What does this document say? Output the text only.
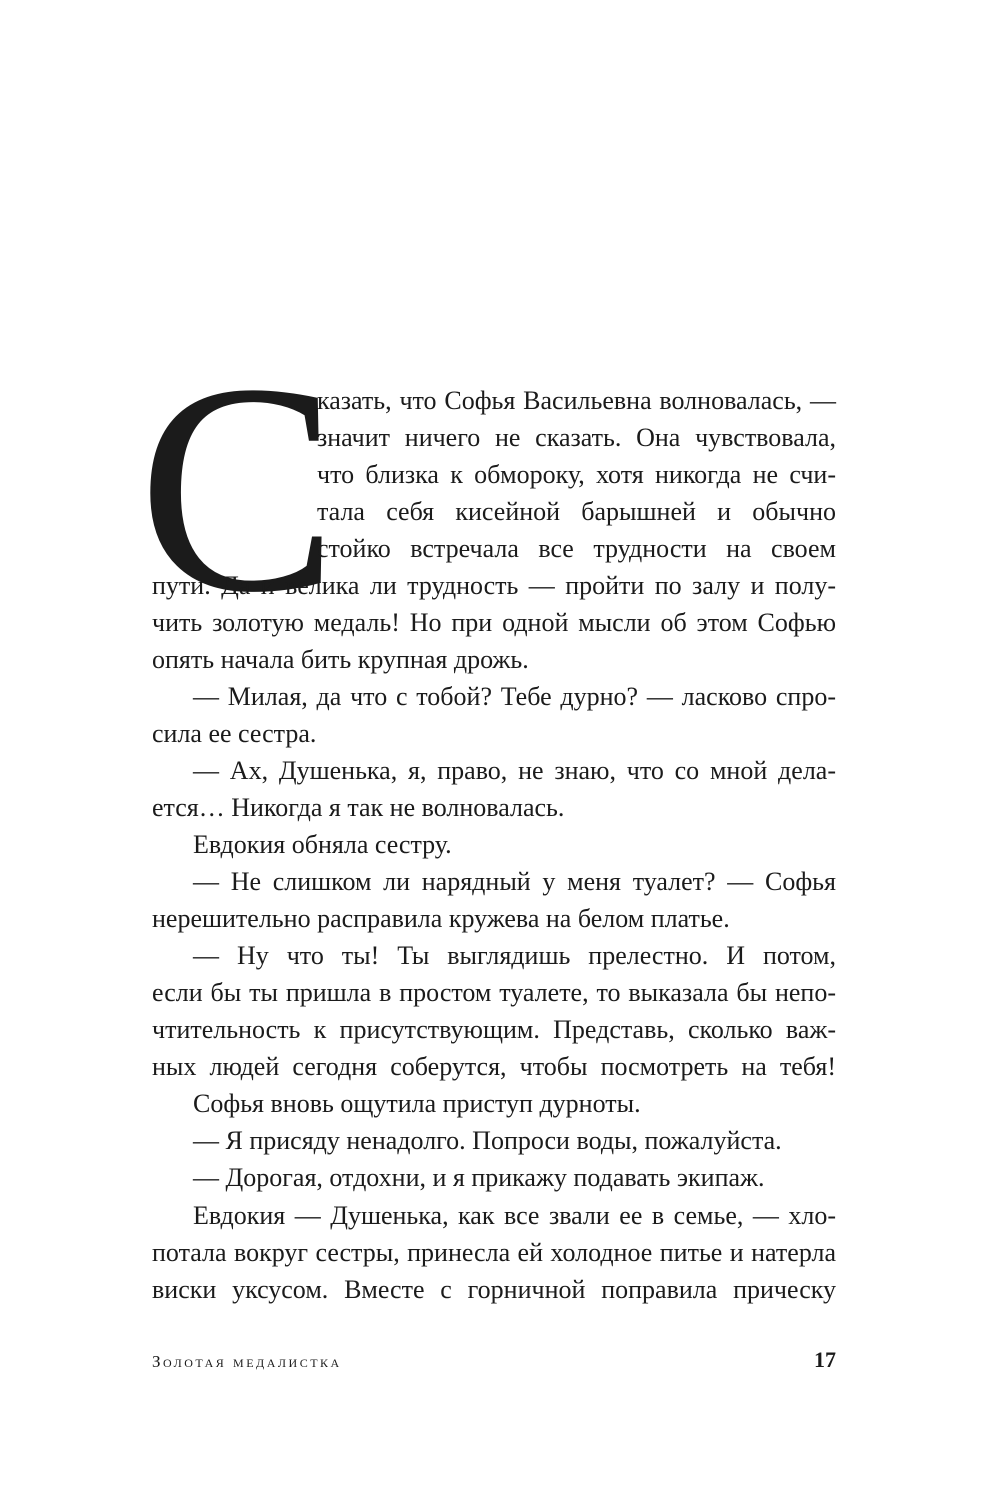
С
казать, что Софья Васильевна волновалась, —
значит ничего не сказать. Она чувствовала,
что близка к обмороку, хотя никогда не счи-
тала себя кисейной барышней и обычно
стойко встречала все трудности на своем
пути. Да и велика ли трудность — пройти по залу и полу-
чить золотую медаль! Но при одной мысли об этом Софью
опять начала бить крупная дрожь.
— Милая, да что с тобой? Тебе дурно? — ласково спро-
сила ее сестра.
— Ах, Душенька, я, право, не знаю, что со мной дела-
ется… Никогда я так не волновалась.
Евдокия обняла сестру.
— Не слишком ли нарядный у меня туалет? — Софья
нерешительно расправила кружева на белом платье.
— Ну что ты! Ты выглядишь прелестно. И потом,
если бы ты пришла в простом туалете, то выказала бы непо-
чтительность к присутствующим. Представь, сколько важ-
ных людей сегодня соберутся, чтобы посмотреть на тебя!
Софья вновь ощутила приступ дурноты.
— Я присяду ненадолго. Попроси воды, пожалуйста.
— Дорогая, отдохни, и я прикажу подавать экипаж.
Евдокия — Душенька, как все звали ее в семье, — хло-
потала вокруг сестры, принесла ей холодное питье и натерла
виски уксусом. Вместе с горничной поправила прическу
Золотая медалистка	17
